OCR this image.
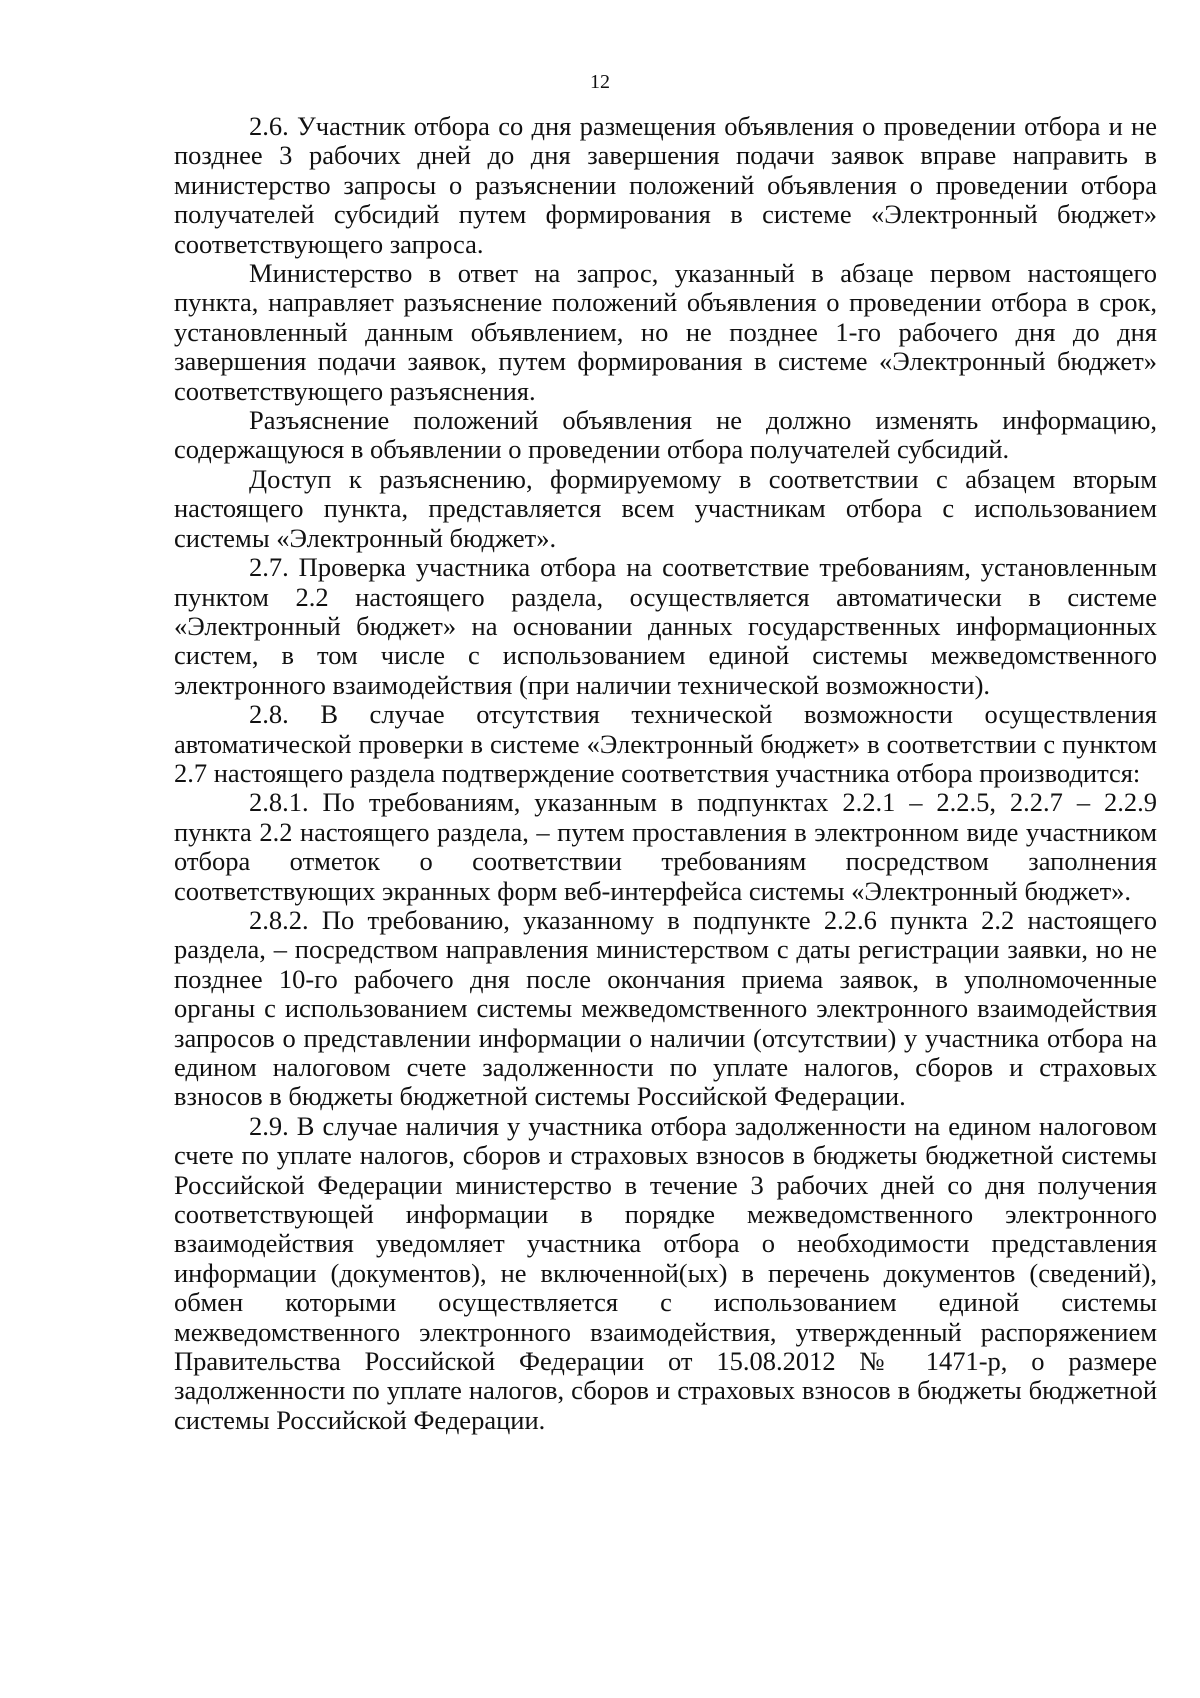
12

2.6. Участник отбора со дня размещения объявления о проведении отбора и не позднее 3 рабочих дней до дня завершения подачи заявок вправе направить в министерство запросы о разъяснении положений объявления о проведении отбора получателей субсидий путем формирования в системе «Электронный бюджет» соответствующего запроса.

Министерство в ответ на запрос, указанный в абзаце первом настоящего пункта, направляет разъяснение положений объявления о проведении отбора в срок, установленный данным объявлением, но не позднее 1-го рабочего дня до дня завершения подачи заявок, путем формирования в системе «Электронный бюджет» соответствующего разъяснения.

Разъяснение положений объявления не должно изменять информацию, содержащуюся в объявлении о проведении отбора получателей субсидий.

Доступ к разъяснению, формируемому в соответствии с абзацем вторым настоящего пункта, представляется всем участникам отбора с использованием системы «Электронный бюджет».

2.7. Проверка участника отбора на соответствие требованиям, установленным пунктом 2.2 настоящего раздела, осуществляется автоматически в системе «Электронный бюджет» на основании данных государственных информационных систем, в том числе с использованием единой системы межведомственного электронного взаимодействия (при наличии технической возможности).

2.8. В случае отсутствия технической возможности осуществления автоматической проверки в системе «Электронный бюджет» в соответствии с пунктом 2.7 настоящего раздела подтверждение соответствия участника отбора производится:

2.8.1. По требованиям, указанным в подпунктах 2.2.1 – 2.2.5, 2.2.7 – 2.2.9 пункта 2.2 настоящего раздела, – путем проставления в электронном виде участником отбора отметок о соответствии требованиям посредством заполнения соответствующих экранных форм веб-интерфейса системы «Электронный бюджет».

2.8.2. По требованию, указанному в подпункте 2.2.6 пункта 2.2 настоящего раздела, – посредством направления министерством с даты регистрации заявки, но не позднее 10-го рабочего дня после окончания приема заявок, в уполномоченные органы с использованием системы межведомственного электронного взаимодействия запросов о представлении информации о наличии (отсутствии) у участника отбора на едином налоговом счете задолженности по уплате налогов, сборов и страховых взносов в бюджеты бюджетной системы Российской Федерации.

2.9. В случае наличия у участника отбора задолженности на едином налоговом счете по уплате налогов, сборов и страховых взносов в бюджеты бюджетной системы Российской Федерации министерство в течение 3 рабочих дней со дня получения соответствующей информации в порядке межведомственного электронного взаимодействия уведомляет участника отбора о необходимости представления информации (документов), не включенной(ых) в перечень документов (сведений), обмен которыми осуществляется с использованием единой системы межведомственного электронного взаимодействия, утвержденный распоряжением Правительства Российской Федерации от 15.08.2012 № 1471-р, о размере задолженности по уплате налогов, сборов и страховых взносов в бюджеты бюджетной системы Российской Федерации.
